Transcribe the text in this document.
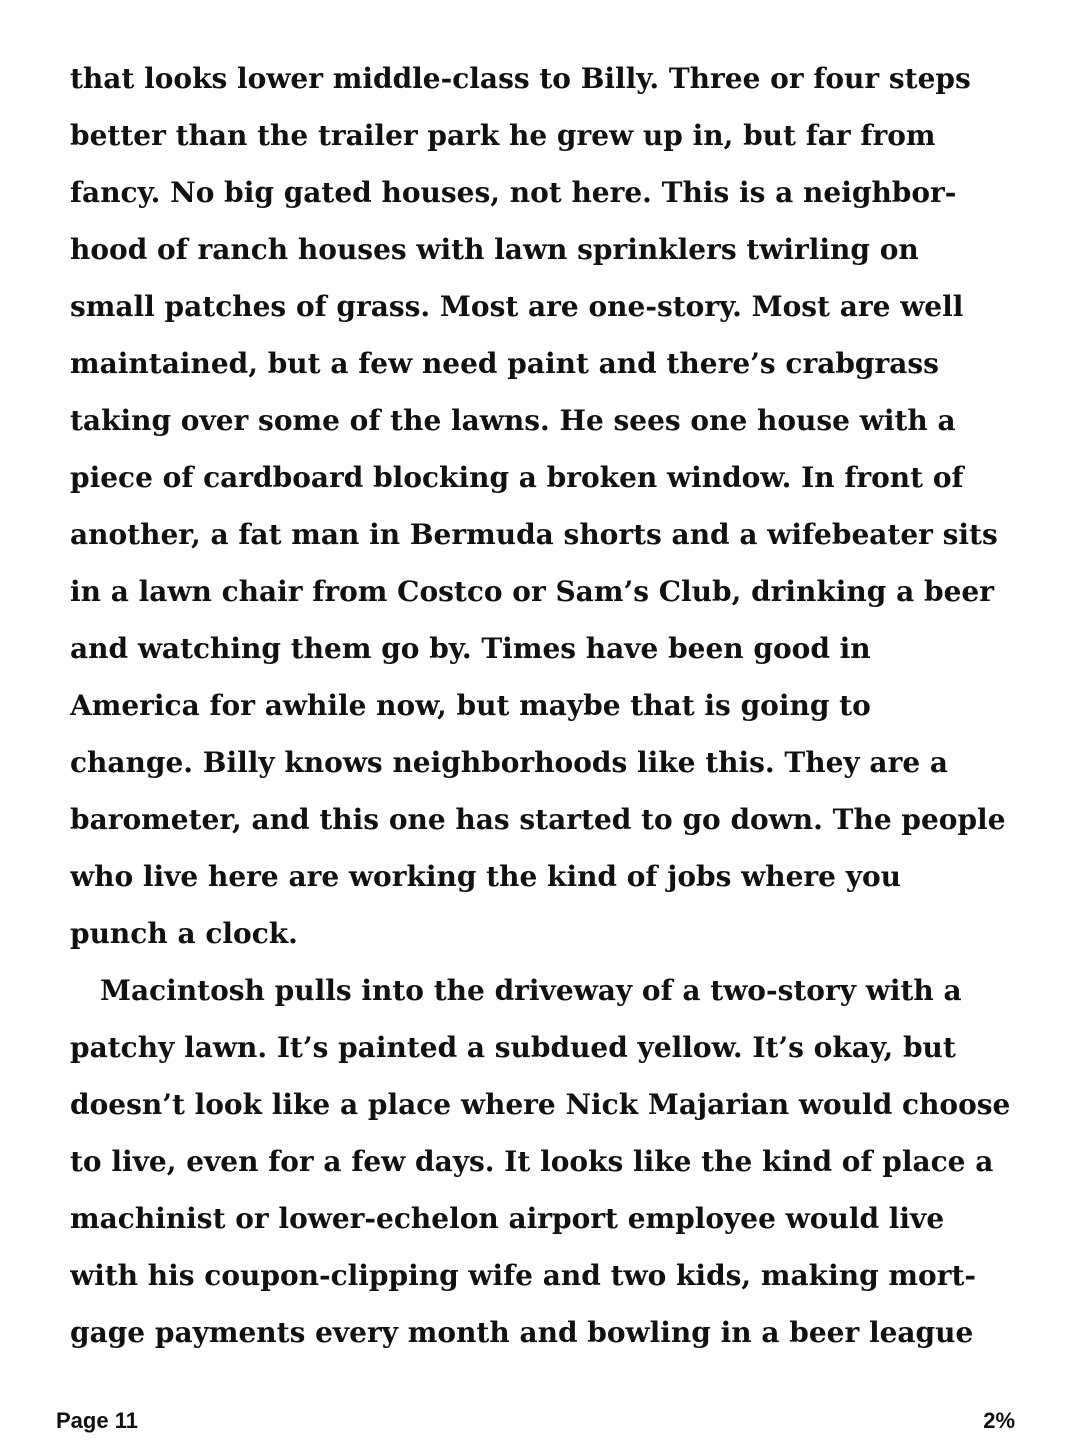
that looks lower middle-class to Billy. Three or four steps
better than the trailer park he grew up in, but far from
fancy. No big gated houses, not here. This is a neighbor-
hood of ranch houses with lawn sprinklers twirling on
small patches of grass. Most are one-story. Most are well
maintained, but a few need paint and there’s crabgrass
taking over some of the lawns. He sees one house with a
piece of cardboard blocking a broken window. In front of
another, a fat man in Bermuda shorts and a wifebeater sits
in a lawn chair from Costco or Sam’s Club, drinking a beer
and watching them go by. Times have been good in
America for awhile now, but maybe that is going to
change. Billy knows neighborhoods like this. They are a
barometer, and this one has started to go down. The people
who live here are working the kind of jobs where you
punch a clock.
Macintosh pulls into the driveway of a two-story with a
patchy lawn. It’s painted a subdued yellow. It’s okay, but
doesn’t look like a place where Nick Majarian would choose
to live, even for a few days. It looks like the kind of place a
machinist or lower-echelon airport employee would live
with his coupon-clipping wife and two kids, making mort-
gage payments every month and bowling in a beer league
Page 11	2%
